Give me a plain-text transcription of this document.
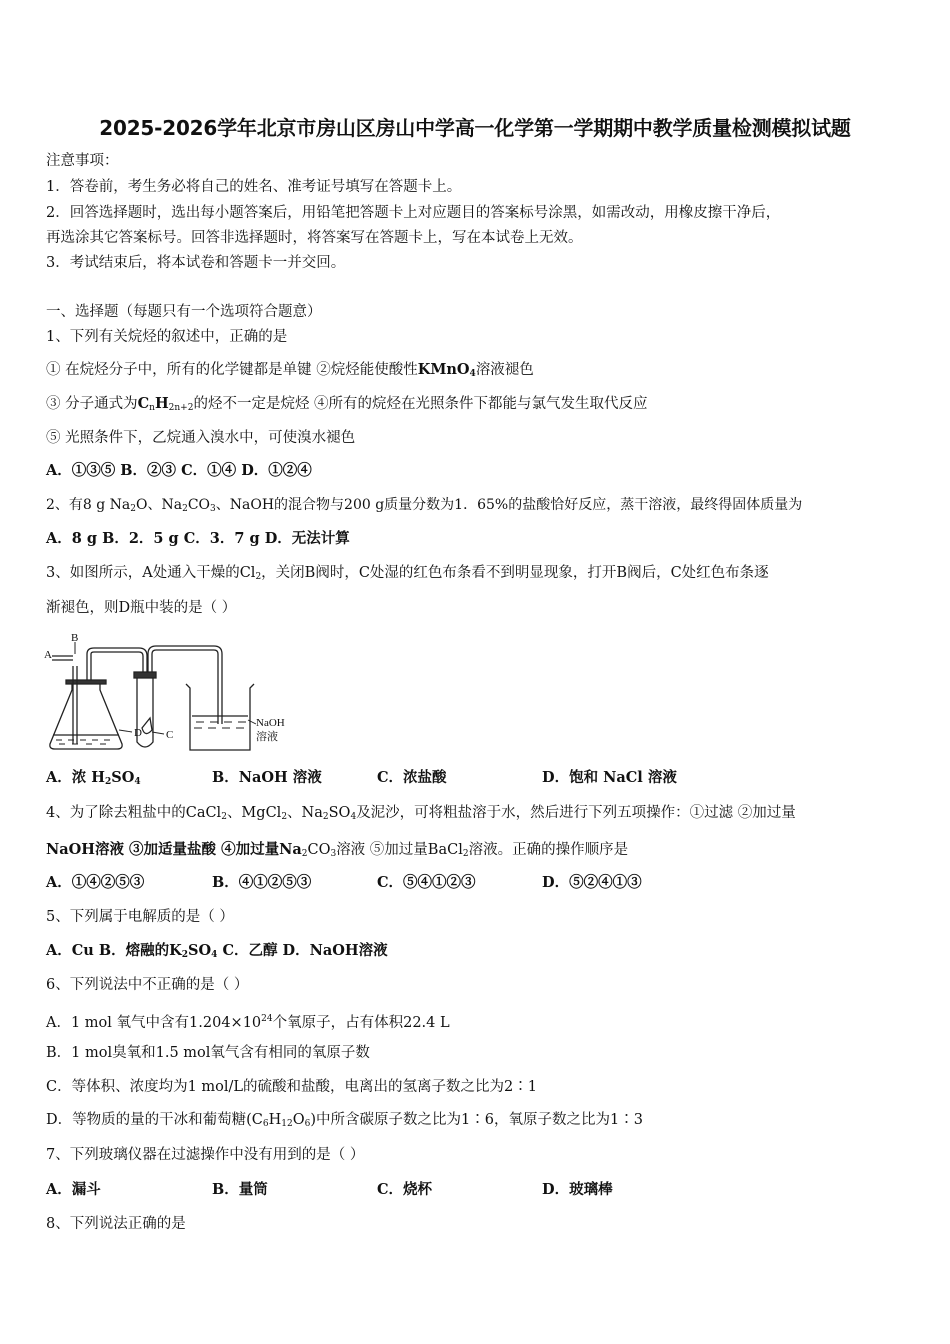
2025-2026学年北京市房山区房山中学高一化学第一学期期中教学质量检测模拟试题
注意事项：
1．答卷前，考生务必将自己的姓名、准考证号填写在答题卡上。
2．回答选择题时，选出每小题答案后，用铅笔把答题卡上对应题目的答案标号涂黑，如需改动，用橡皮擦干净后，
再选涂其它答案标号。回答非选择题时，将答案写在答题卡上，写在本试卷上无效。
3．考试结束后，将本试卷和答题卡一并交回。
一、选择题（每题只有一个选项符合题意）
1、下列有关烷烃的叙述中，正确的是
① 在烷烃分子中，所有的化学键都是单键 ②烷烃能使酸性KMnO$_4$溶液褪色
③ 分子通式为$C_nH_{2n+2}$的烃不一定是烷烃 ④所有的烷烃在光照条件下都能与氯气发生取代反应
⑤ 光照条件下，乙烷通入溴水中，可使溴水褪色
A．①③⑤ B．②③ C．①④ D．①②④
2、有8 g $Na_2O$、$Na_2CO_3$、NaOH的混合物与200 g质量分数为1．65%的盐酸恰好反应，蒸干溶液，最终得固体质量为
A．8 g B．2．5 g C．3．7 g D．无法计算
3、如图所示，A处通入干燥的$Cl_2$，关闭B阀时，C处湿的红色布条看不到明显现象，打开B阀后，C处红色布条逐
渐褪色，则D瓶中装的是（ ）
A
B
D C
NaOH
溶液
A．浓 $H_2SO_4$	B．NaOH 溶液	C．浓盐酸	D．饱和 NaCl 溶液
4、为了除去粗盐中的CaCl$_2$、MgCl$_2$、$Na_2SO_4$及泥沙，可将粗盐溶于水，然后进行下列五项操作：①过滤 ②加过量
NaOH溶液 ③加适量盐酸 ④加过量$Na_2CO_3$溶液 ⑤加过量BaCl$_2$溶液。正确的操作顺序是
A．①④②⑤③	B．④①②⑤③	C．⑤④①②③	D．⑤②④①③
5、下列属于电解质的是（ ）
A．Cu B．熔融的$K_2SO_4$ C．乙醇 D．NaOH溶液
6、下列说法中不正确的是（ ）
A．1 mol 氧气中含有$1.204\times 10^{24}$个氧原子，占有体积22.4 L
B．1 mol臭氧和1.5 mol氧气含有相同的氧原子数
C．等体积、浓度均为1 mol/L的硫酸和盐酸，电离出的氢离子数之比为2∶1
D．等物质的量的干冰和葡萄糖$(C_6H_{12}O_6)$中所含碳原子数之比为1∶6，氧原子数之比为1∶3
7、下列玻璃仪器在过滤操作中没有用到的是（ ）
A．漏斗	B．量筒	C．烧杯	D．玻璃棒
8、下列说法正确的是
